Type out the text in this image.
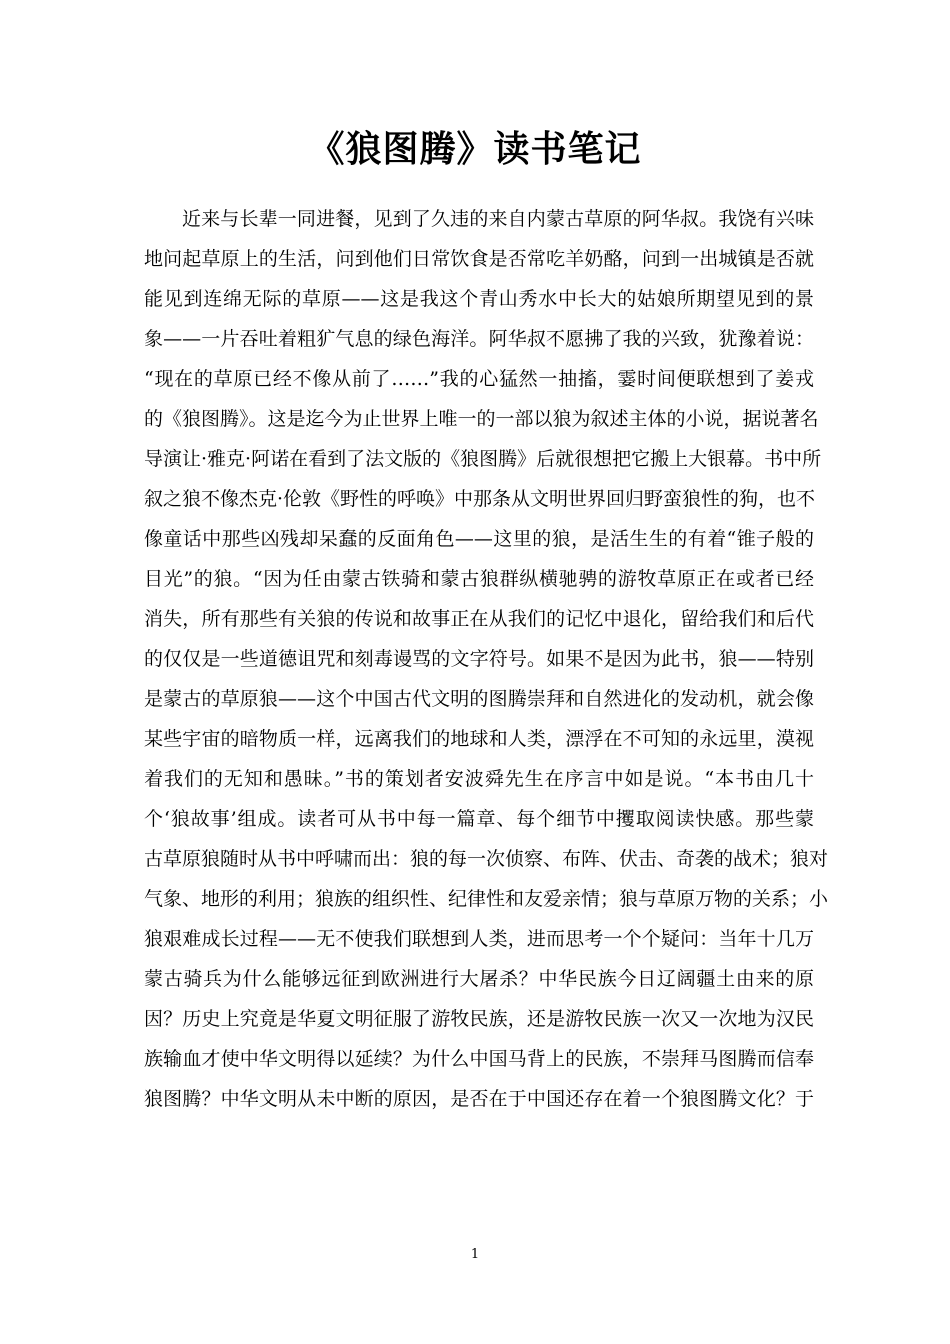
《狼图腾》读书笔记
近来与长辈一同进餐，见到了久违的来自内蒙古草原的阿华叔。我饶有兴味
地问起草原上的生活，问到他们日常饮食是否常吃羊奶酪，问到一出城镇是否就
能见到连绵无际的草原——这是我这个青山秀水中长大的姑娘所期望见到的景
象——一片吞吐着粗犷气息的绿色海洋。阿华叔不愿拂了我的兴致，犹豫着说：
“现在的草原已经不像从前了……”我的心猛然一抽搐，霎时间便联想到了姜戎
的《狼图腾》。这是迄今为止世界上唯一的一部以狼为叙述主体的小说，据说著名
导演让·雅克·阿诺在看到了法文版的《狼图腾》后就很想把它搬上大银幕。书中所
叙之狼不像杰克·伦敦《野性的呼唤》中那条从文明世界回归野蛮狼性的狗，也不
像童话中那些凶残却呆蠢的反面角色——这里的狼，是活生生的有着“锥子般的
目光”的狼。“因为任由蒙古铁骑和蒙古狼群纵横驰骋的游牧草原正在或者已经
消失，所有那些有关狼的传说和故事正在从我们的记忆中退化，留给我们和后代
的仅仅是一些道德诅咒和刻毒谩骂的文字符号。如果不是因为此书，狼——特别
是蒙古的草原狼——这个中国古代文明的图腾崇拜和自然进化的发动机，就会像
某些宇宙的暗物质一样，远离我们的地球和人类，漂浮在不可知的永远里，漠视
着我们的无知和愚昧。”书的策划者安波舜先生在序言中如是说。“本书由几十
个‘狼故事’组成。读者可从书中每一篇章、每个细节中攫取阅读快感。那些蒙
古草原狼随时从书中呼啸而出：狼的每一次侦察、布阵、伏击、奇袭的战术；狼对
气象、地形的利用；狼族的组织性、纪律性和友爱亲情；狼与草原万物的关系；小
狼艰难成长过程——无不使我们联想到人类，进而思考一个个疑问：当年十几万
蒙古骑兵为什么能够远征到欧洲进行大屠杀？中华民族今日辽阔疆土由来的原
因？历史上究竟是华夏文明征服了游牧民族，还是游牧民族一次又一次地为汉民
族输血才使中华文明得以延续？为什么中国马背上的民族，不崇拜马图腾而信奉
狼图腾？中华文明从未中断的原因，是否在于中国还存在着一个狼图腾文化？于
1
